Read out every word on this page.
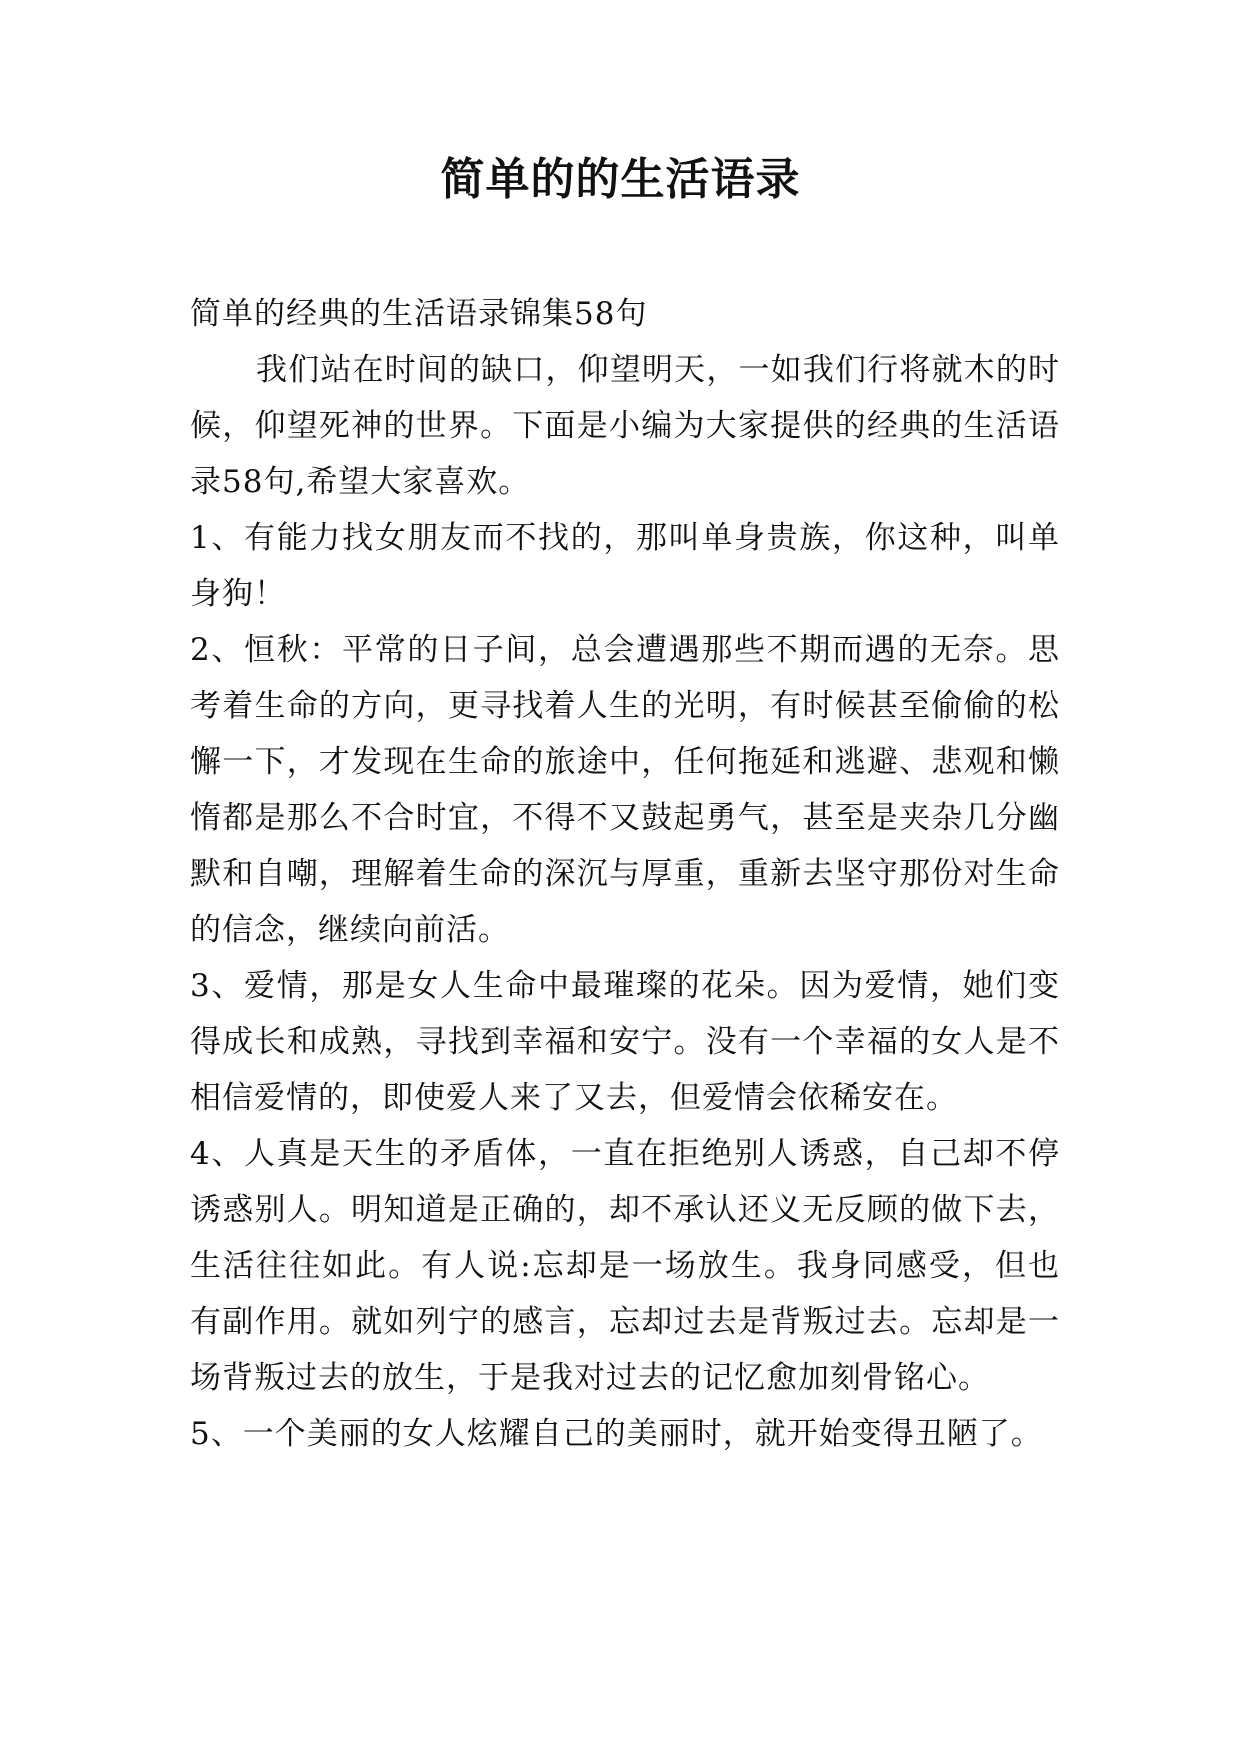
简单的的生活语录

简单的经典的生活语录锦集58句

我们站在时间的缺口，仰望明天，一如我们行将就木的时候，仰望死神的世界。下面是小编为大家提供的经典的生活语录58句,希望大家喜欢。

1、有能力找女朋友而不找的，那叫单身贵族，你这种，叫单身狗！

2、恒秋：平常的日子间，总会遭遇那些不期而遇的无奈。思考着生命的方向，更寻找着人生的光明，有时候甚至偷偷的松懈一下，才发现在生命的旅途中，任何拖延和逃避、悲观和懒惰都是那么不合时宜，不得不又鼓起勇气，甚至是夹杂几分幽默和自嘲，理解着生命的深沉与厚重，重新去坚守那份对生命的信念，继续向前活。

3、爱情，那是女人生命中最璀璨的花朵。因为爱情，她们变得成长和成熟，寻找到幸福和安宁。没有一个幸福的女人是不相信爱情的，即使爱人来了又去，但爱情会依稀安在。

4、人真是天生的矛盾体，一直在拒绝别人诱惑，自己却不停诱惑别人。明知道是正确的，却不承认还义无反顾的做下去，生活往往如此。有人说:忘却是一场放生。我身同感受，但也有副作用。就如列宁的感言，忘却过去是背叛过去。忘却是一场背叛过去的放生，于是我对过去的记忆愈加刻骨铭心。

5、一个美丽的女人炫耀自己的美丽时，就开始变得丑陋了。
